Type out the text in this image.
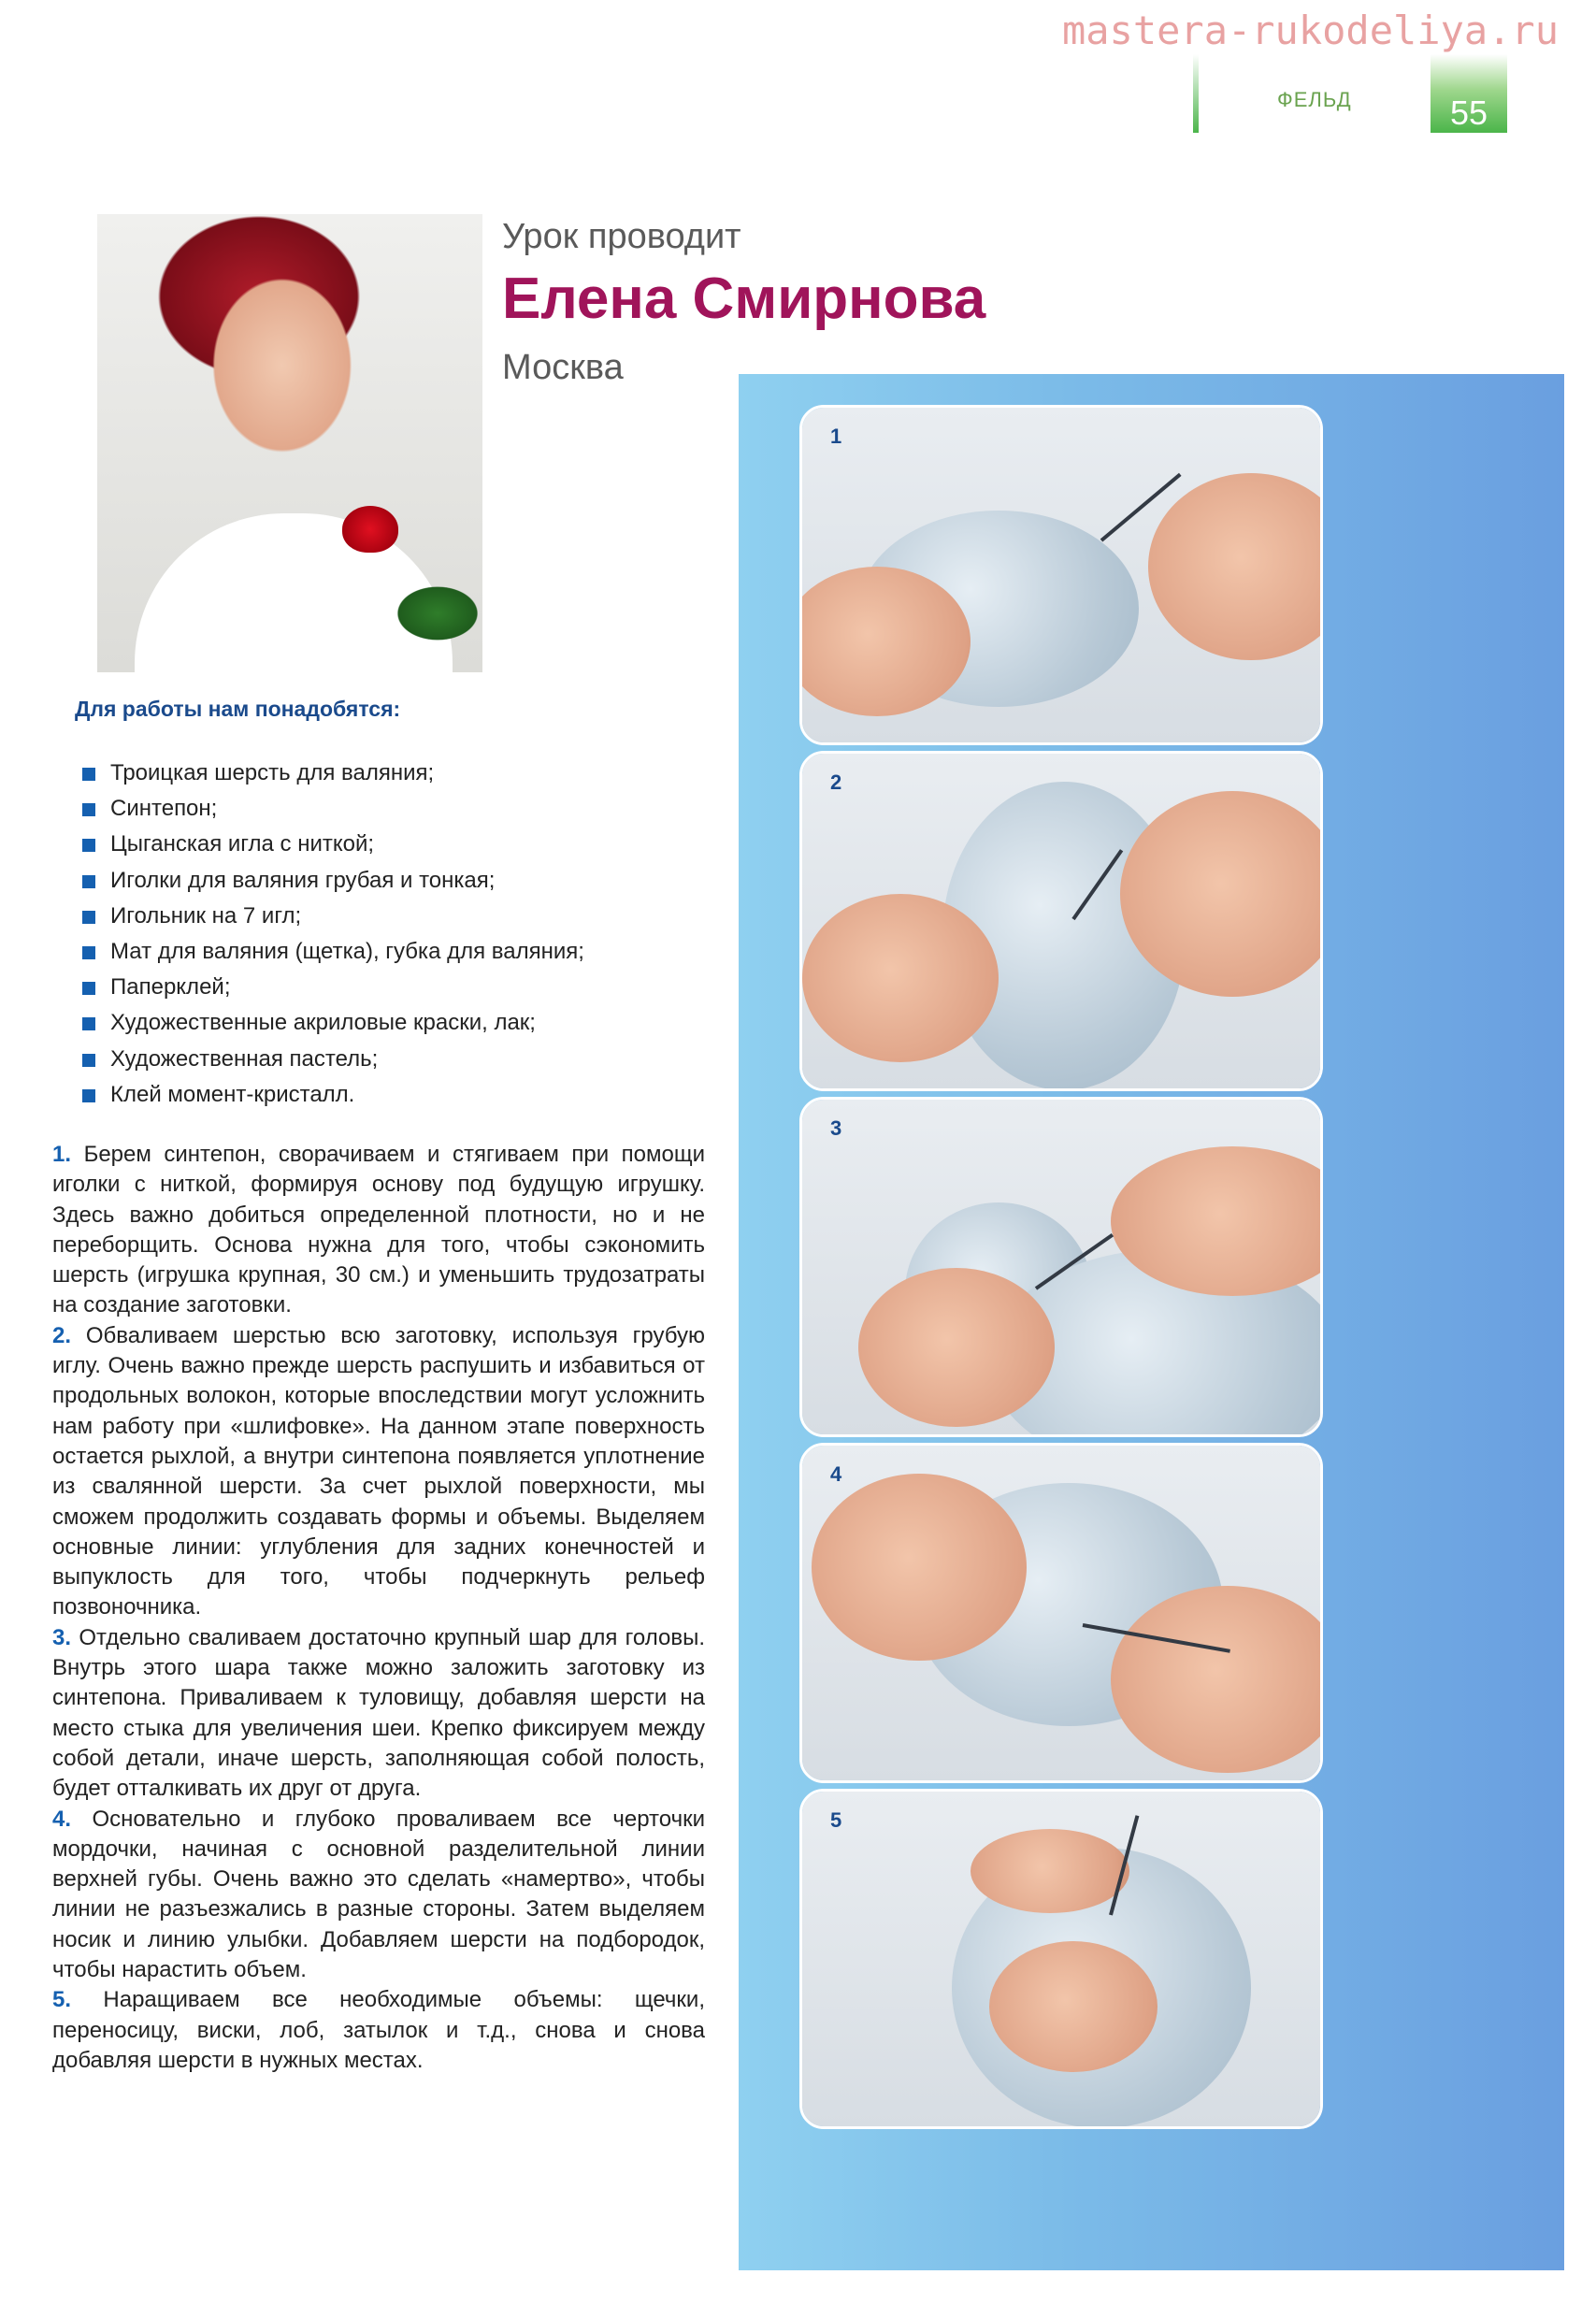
mastera-rukodeliya.ru
ФЕЛЬД	55
Урок проводит
Елена Смирнова
Москва
Для работы нам понадобятся:
Троицкая шерсть для валяния;
Синтепон;
Цыганская игла с ниткой;
Иголки для валяния грубая и тонкая;
Игольник на 7 игл;
Мат для валяния (щетка), губка для валяния;
Паперклей;
Художественные акриловые краски, лак;
Художественная пастель;
Клей момент-кристалл.

1. Берем синтепон, сворачиваем и стягиваем при помощи иголки с ниткой, формируя основу под будущую игрушку. Здесь важно добиться определенной плотности, но и не переборщить. Основа нужна для того, чтобы сэкономить шерсть (игрушка крупная, 30 см.) и уменьшить трудозатраты на создание заготовки.

2. Обваливаем шерстью всю заготовку, используя грубую иглу. Очень важно прежде шерсть распушить и избавиться от продольных волокон, которые впоследствии могут усложнить нам работу при «шлифовке». На данном этапе поверхность остается рыхлой, а внутри синтепона появляется уплотнение из свалянной шерсти. За счет рыхлой поверхности, мы сможем продолжить создавать формы и объемы. Выделяем основные линии: углубления для задних конечностей и выпуклость для того, чтобы подчеркнуть рельеф позвоночника.

3. Отдельно сваливаем достаточно крупный шар для головы. Внутрь этого шара также можно заложить заготовку из синтепона. Приваливаем к туловищу, добавляя шерсти на место стыка для увеличения шеи. Крепко фиксируем между собой детали, иначе шерсть, заполняющая собой полость, будет отталкивать их друг от друга.

4. Основательно и глубоко проваливаем все черточки мордочки, начиная с основной разделительной линии верхней губы. Очень важно это сделать «намертво», чтобы линии не разъезжались в разные стороны. Затем выделяем носик и линию улыбки. Добавляем шерсти на подбородок, чтобы нарастить объем.

5. Наращиваем все необходимые объемы: щечки, переносицу, виски, лоб, затылок и т.д., снова и снова добавляя шерсти в нужных местах.

1
2
3
4
5
